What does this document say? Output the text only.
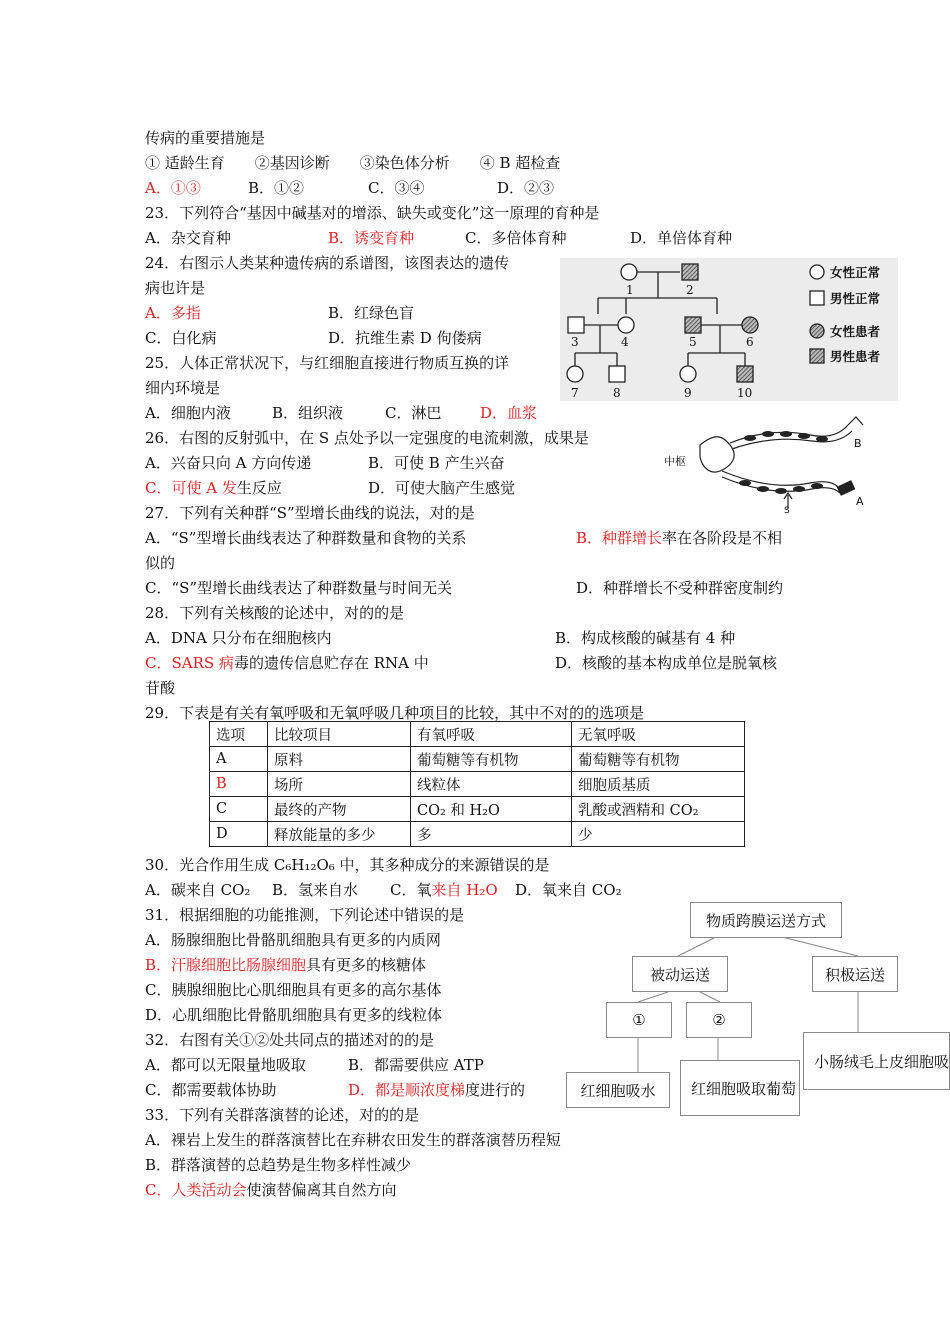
传病的重要措施是
① 适龄生育　　②基因诊断　　③染色体分析　　④ B 超检查
A．①③	B．①②	C．③④	D．②③
23．下列符合“基因中碱基对的增添、缺失或变化”这一原理的育种是
A．杂交育种	B．诱变育种	C．多倍体育种	D．单倍体育种
24．右图示人类某种遗传病的系谱图，该图表达的遗传
病也许是
A．多指	B．红绿色盲
C．白化病	D．抗维生素 D 佝偻病
1	2
3	4	5	6
7	8	9	10
女性正常
男性正常
女性患者
男性患者
25．人体正常状况下，与红细胞直接进行物质互换的详
细内环境是
A．细胞内液	B．组织液	C．淋巴	D．血浆
26．右图的反射弧中，在 S 点处予以一定强度的电流刺激，成果是
A．兴奋只向 A 方向传递	B．可使 B 产生兴奋
C．可使 A 发生反应	D．可使大脑产生感觉
中枢
A
B
S
27．下列有关种群“S”型增长曲线的说法，对的是
A．“S”型增长曲线表达了种群数量和食物的关系	B．种群增长率在各阶段是不相
似的
C．“S”型增长曲线表达了种群数量与时间无关	D．种群增长不受种群密度制约
28．下列有关核酸的论述中，对的的是
A．DNA 只分布在细胞核内	B．构成核酸的碱基有 4 种
C．SARS 病毒的遗传信息贮存在 RNA 中	D．核酸的基本构成单位是脱氧核
苷酸
29．下表是有关有氧呼吸和无氧呼吸几种项目的比较，其中不对的的选项是
选项	比较项目	有氧呼吸	无氧呼吸
A	原料	葡萄糖等有机物	葡萄糖等有机物
B	场所	线粒体	细胞质基质
C	最终的产物	CO₂ 和 H₂O	乳酸或酒精和 CO₂
D	释放能量的多少	多	少
30．光合作用生成 C₆H₁₂O₆ 中，其多种成分的来源错误的是
A．碳来自 CO₂ B．氢来自水 C．氧来自 H₂O D．氧来自 CO₂
31．根据细胞的功能推测，下列论述中错误的是
A．肠腺细胞比骨骼肌细胞具有更多的内质网
B．汗腺细胞比肠腺细胞具有更多的核糖体
C．胰腺细胞比心肌细胞具有更多的高尔基体
D．心肌细胞比骨骼肌细胞具有更多的线粒体
32．右图有关①②处共同点的描述对的的是
A．都可以无限量地吸取	B．都需要供应 ATP
C．都需要载体协助	D．都是顺浓度梯度进行的
物质跨膜运送方式
被动运送	积极运送
①	②
红细胞吸水	红细胞吸取葡萄
小肠绒毛上皮细胞吸
33．下列有关群落演替的论述，对的的是
A．裸岩上发生的群落演替比在弃耕农田发生的群落演替历程短
B．群落演替的总趋势是生物多样性减少
C．人类活动会使演替偏离其自然方向
